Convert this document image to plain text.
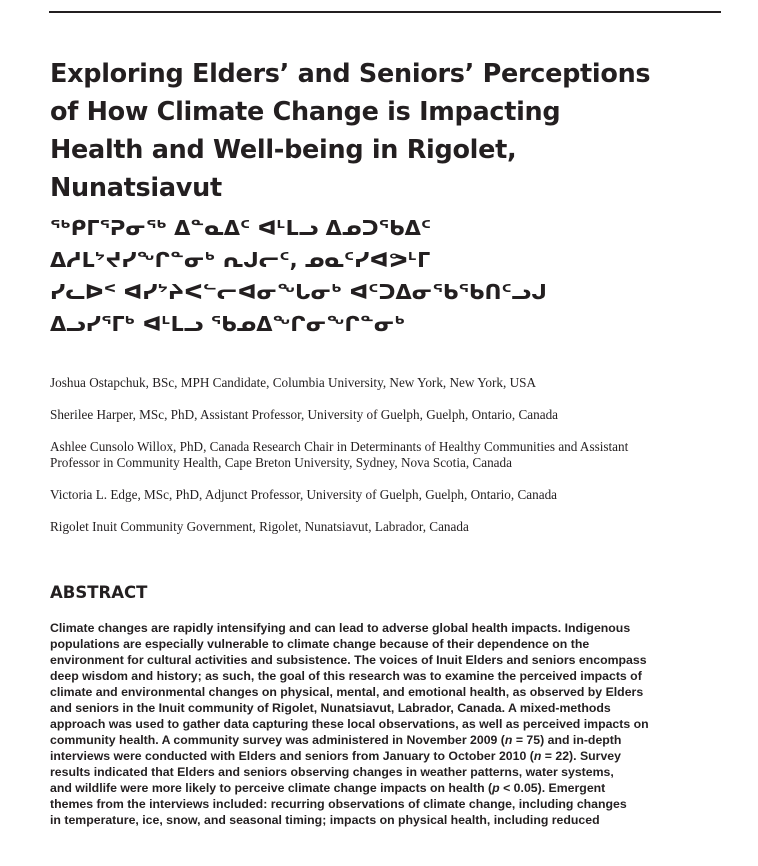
Exploring Elders’ and Seniors’ Perceptions
of How Climate Change is Impacting
Health and Well-being in Rigolet,
Nunatsiavut
ᖅᑭᒥᕐᕈᓂᖅ ᐃᓐᓇᐃᑦ ᐊᒻᒪᓗ ᐃᓄᑐᖃᐃᑦ
ᐃᓱᒪᔾᔪᓯᖏᓐᓂᒃ ᕆᒍᓕᑦ, ᓄᓇᑦᓯᐊᕗᒻᒥ
ᓯᓚᐅᑉ ᐊᓯᔾᔨᐸᓪᓕᐊᓂᖓᓂᒃ ᐊᑦᑐᐃᓂᖃᖃᑎᑦᓗᒍ
ᐃᓗᓯᕐᒥᒃ ᐊᒻᒪᓗ ᖃᓄᐃᖏᓂᖏᓐᓂᒃ

Joshua Ostapchuk, BSc, MPH Candidate, Columbia University, New York, New York, USA

Sherilee Harper, MSc, PhD, Assistant Professor, University of Guelph, Guelph, Ontario, Canada

Ashlee Cunsolo Willox, PhD, Canada Research Chair in Determinants of Healthy Communities and Assistant Professor in Community Health, Cape Breton University, Sydney, Nova Scotia, Canada

Victoria L. Edge, MSc, PhD, Adjunct Professor, University of Guelph, Guelph, Ontario, Canada

Rigolet Inuit Community Government, Rigolet, Nunatsiavut, Labrador, Canada

ABSTRACT
Climate changes are rapidly intensifying and can lead to adverse global health impacts. Indigenous
populations are especially vulnerable to climate change because of their dependence on the
environment for cultural activities and subsistence. The voices of Inuit Elders and seniors encompass
deep wisdom and history; as such, the goal of this research was to examine the perceived impacts of
climate and environmental changes on physical, mental, and emotional health, as observed by Elders
and seniors in the Inuit community of Rigolet, Nunatsiavut, Labrador, Canada. A mixed-methods
approach was used to gather data capturing these local observations, as well as perceived impacts on
community health. A community survey was administered in November 2009 (n = 75) and in-depth
interviews were conducted with Elders and seniors from January to October 2010 (n = 22). Survey
results indicated that Elders and seniors observing changes in weather patterns, water systems,
and wildlife were more likely to perceive climate change impacts on health (p < 0.05). Emergent
themes from the interviews included: recurring observations of climate change, including changes
in temperature, ice, snow, and seasonal timing; impacts on physical health, including reduced
